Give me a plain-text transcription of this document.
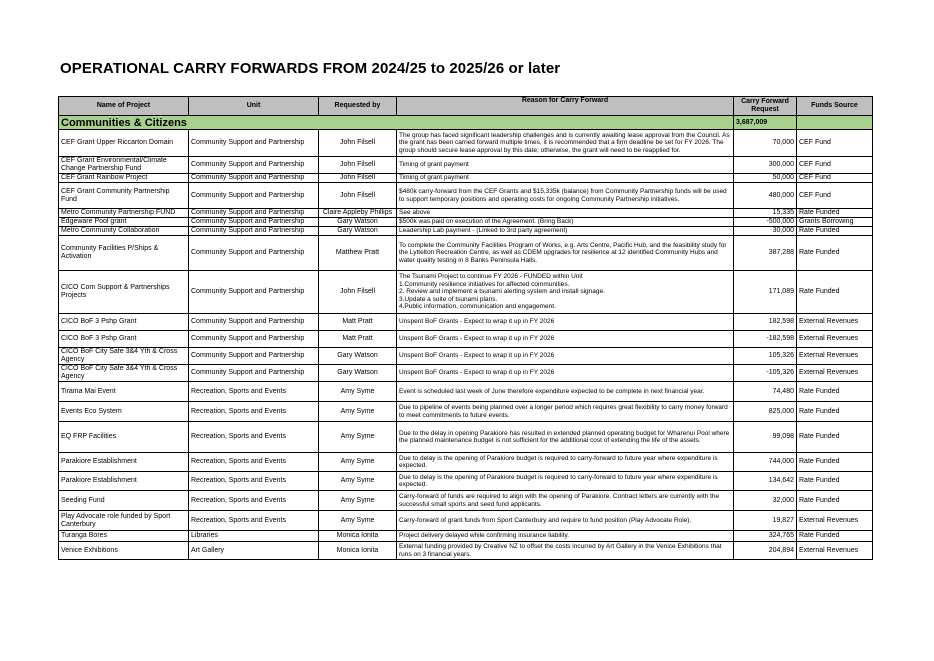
OPERATIONAL CARRY FORWARDS FROM 2024/25 to 2025/26 or later
Name of Project	Unit	Requested by	Reason for Carry Forward	Carry Forward Request	Funds Source
Communities & Citizens				3,687,009	
CEF Grant Upper Riccarton Domain	Community Support and Partnership	John Filsell	The group has faced significant leadership challenges and is currently awaiting lease approval from the Council. As the grant has been carried forward multiple times, it is recommended that a firm deadline be set for FY 2026. The group should secure lease approval by this date; otherwise, the grant will need to be reapplied for.	70,000	CEF Fund
CEF Grant Environmental/Climate Change Partnership Fund	Community Support and Partnership	John Filsell	Timing of grant payment	300,000	CEF Fund
CEF Grant Rainbow Project	Community Support and Partnership	John Filsell	Timing of grant payment	50,000	CEF Fund
CEF Grant Community Partnership Fund	Community Support and Partnership	John Filsell	$480k carry-forward from the CEF Grants and $15,335k (balance) from Community Partnership funds will be used to support temporary positions and operating costs for ongoing Community Partnership initiatives.	480,000	CEF Fund
Metro Community Partnership FUND	Community Support and Partnership	Claire Appleby Phillips	See above	15,335	Rate Funded
Edgeware Pool grant	Community Support and Partnership	Gary Watson	$500k was paid on execution of the Agreement. (Bring Back)	-500,000	Grants Borrowing
Metro Community Collaboration	Community Support and Partnership	Gary Watson	Leadership Lab payment - (Linked to 3rd party agreement)	30,000	Rate Funded
Community Facilities P/Ships & Activation	Community Support and Partnership	Matthew Pratt	To complete the Community Facilities Program of Works, e.g. Arts Centre, Pacific Hub, and the feasibility study for the Lyttelton Recreation Centre, as well as CDEM upgrades for resilience at 12 identified Community Hubs and water quality testing in 8 Banks Peninsula Halls.	387,288	Rate Funded
CICO Com Support & Partnerships Projects	Community Support and Partnership	John Filsell	The Tsunami Project to continue FY 2026 - FUNDED within Unit
1.Community resilience initiatives for affected communities.
2. Review and implement a tsunami alerting system and install signage.
3.Update a suite of tsunami plans.
4.Public information, communication and engagement.	171,089	Rate Funded
CICO BoF 3 Pshp Grant	Community Support and Partnership	Matt Pratt	Unspent BoF Grants - Expect to wrap it up in FY 2026	182,598	External Revenues
CICO BoF 3 Pshp Grant	Community Support and Partnership	Matt Pratt	Unspent BoF Grants - Expect to wrap it up in FY 2026	-182,598	External Revenues
CICO BoF City Safe 3&4 Yth & Cross Agency	Community Support and Partnership	Gary Watson	Unspent BoF Grants - Expect to wrap it up in FY 2026	105,326	External Revenues
CICO BoF City Safe 3&4 Yth & Cross Agency	Community Support and Partnership	Gary Watson	Unspent BoF Grants - Expect to wrap it up in FY 2026	-105,326	External Revenues
Tirama Mai Event	Recreation, Sports and Events	Amy Syme	Event is scheduled last week of June therefore expenditure expected to be complete in next financial year.	74,480	Rate Funded
Events Eco System	Recreation, Sports and Events	Amy Syme	Due to pipeline of events being planned over a longer period which requires great flexibility to carry money forward to meet commitments to future events.	825,000	Rate Funded
EQ FRP Facilities	Recreation, Sports and Events	Amy Syme	Due to the delay in opening Parakiore has resulted in extended planned operating budget for Wharenui Pool where the planned maintenance budget is not sufficient for the additional cost of extending the life of the assets.	99,098	Rate Funded
Parakiore Establishment	Recreation, Sports and Events	Amy Syme	Due to delay is the opening of Parakiore budget is required to carry-forward to future year where expenditure is expected.	744,000	Rate Funded
Parakiore Establishment	Recreation, Sports and Events	Amy Syme	Due to delay is the opening of Parakiore budget is required to carry-forward to future year where expenditure is expected.	134,642	Rate Funded
Seeding Fund	Recreation, Sports and Events	Amy Syme	Carry-forward of funds are required to align with the opening of Parakiore. Contract letters are currently with the successful small sports and seed fund applicants.	32,000	Rate Funded
Play Advocate role funded by Sport Canterbury	Recreation, Sports and Events	Amy Syme	Carry-forward of grant funds from Sport Canterbury and require to fund position (Play Advocate Role).	19,827	External Revenues
Turanga Bores	Libraries	Monica Ionita	Project delivery delayed while confirming insurance liability.	324,765	Rate Funded
Venice Exhibitions	Art Gallery	Monica Ionita	External funding provided by Creative NZ to offset the costs incurred by Art Gallery in the Venice Exhibitions that runs on 3 financial years.	204,894	External Revenues
